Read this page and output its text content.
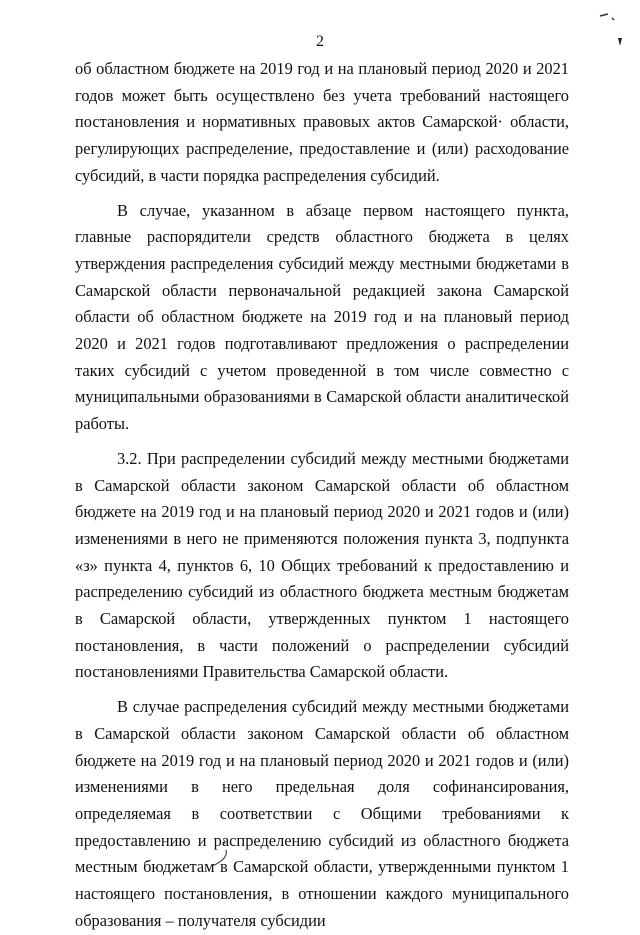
2

об областном бюджете на 2019 год и на плановый период 2020 и 2021 годов может быть осуществлено без учета требований настоящего постановления и нормативных правовых актов Самарской· области, регулирующих распределение, предоставление и (или) расходование субсидий, в части порядка распределения субсидий.

В случае, указанном в абзаце первом настоящего пункта, главные распорядители средств областного бюджета в целях утверждения распределения субсидий между местными бюджетами в Самарской области первоначальной редакцией закона Самарской области об областном бюджете на 2019 год и на плановый период 2020 и 2021 годов подготавливают предложения о распределении таких субсидий с учетом проведенной в том числе совместно с муниципальными образованиями в Самарской области аналитической работы.

3.2. При распределении субсидий между местными бюджетами в Самарской области законом Самарской области об областном бюджете на 2019 год и на плановый период 2020 и 2021 годов и (или) изменениями в него не применяются положения пункта 3, подпункта «з» пункта 4, пунктов 6, 10 Общих требований к предоставлению и распределению субсидий из областного бюджета местным бюджетам в Самарской области, утвержденных пунктом 1 настоящего постановления, в части положений о распределении субсидий постановлениями Правительства Самарской области.

В случае распределения субсидий между местными бюджетами в Самарской области законом Самарской области об областном бюджете на 2019 год и на плановый период 2020 и 2021 годов и (или) изменениями в него предельная доля софинансирования, определяемая в соответствии с Общими требованиями к предоставлению и распределению субсидий из областного бюджета местным бюджетам в Самарской области, утвержденными пунктом 1 настоящего постановления, в отношении каждого муниципального образования – получателя субсидии
